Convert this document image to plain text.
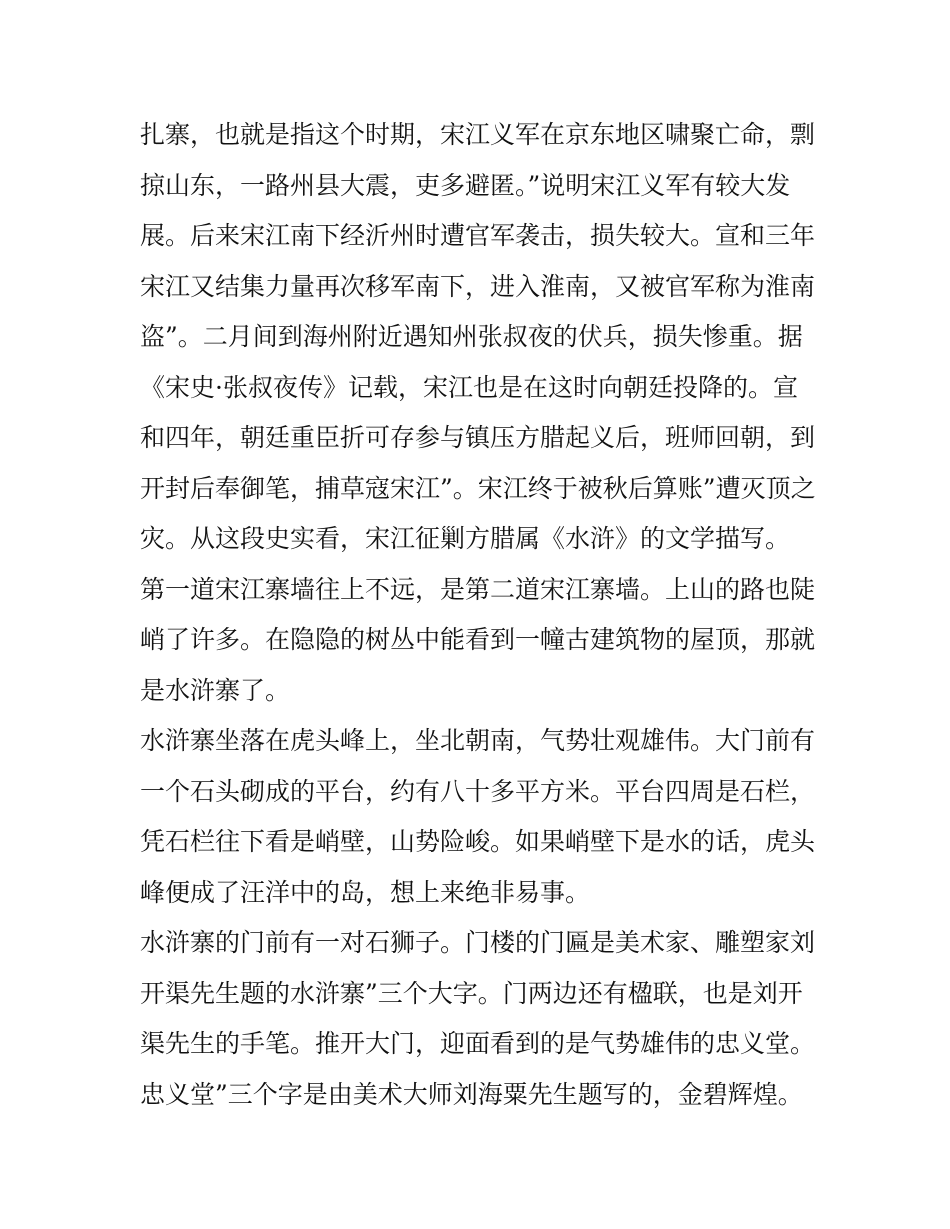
扎寨，也就是指这个时期，宋江义军在京东地区啸聚亡命，剽
掠山东，一路州县大震，吏多避匿。”说明宋江义军有较大发
展。后来宋江南下经沂州时遭官军袭击，损失较大。宣和三年
宋江又结集力量再次移军南下，进入淮南，又被官军称为淮南
盗”。二月间到海州附近遇知州张叔夜的伏兵，损失惨重。据
《宋史·张叔夜传》记载，宋江也是在这时向朝廷投降的。宣
和四年，朝廷重臣折可存参与镇压方腊起义后，班师回朝，到
开封后奉御笔，捕草寇宋江”。宋江终于被秋后算账”遭灭顶之
灾。从这段史实看，宋江征剿方腊属《水浒》的文学描写。
第一道宋江寨墙往上不远，是第二道宋江寨墙。上山的路也陡
峭了许多。在隐隐的树丛中能看到一幢古建筑物的屋顶，那就
是水浒寨了。
水浒寨坐落在虎头峰上，坐北朝南，气势壮观雄伟。大门前有
一个石头砌成的平台，约有八十多平方米。平台四周是石栏，
凭石栏往下看是峭壁，山势险峻。如果峭壁下是水的话，虎头
峰便成了汪洋中的岛，想上来绝非易事。
水浒寨的门前有一对石狮子。门楼的门匾是美术家、雕塑家刘
开渠先生题的水浒寨”三个大字。门两边还有楹联，也是刘开
渠先生的手笔。推开大门，迎面看到的是气势雄伟的忠义堂。
忠义堂”三个字是由美术大师刘海粟先生题写的，金碧辉煌。
